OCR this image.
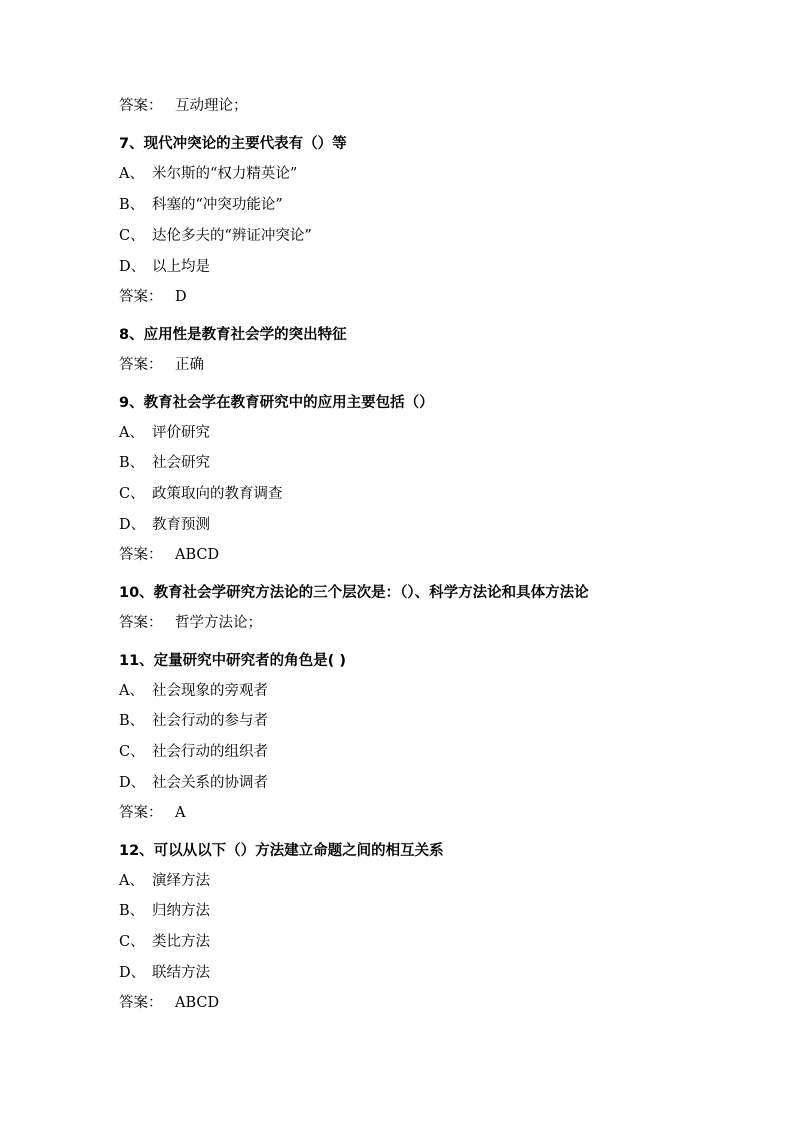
答案： 互动理论；
7、现代冲突论的主要代表有（）等
A、 米尔斯的“权力精英论”
B、 科塞的“冲突功能论”
C、 达伦多夫的“辨证冲突论”
D、 以上均是
答案： D
8、应用性是教育社会学的突出特征
答案： 正确
9、教育社会学在教育研究中的应用主要包括（）
A、 评价研究
B、 社会研究
C、 政策取向的教育调查
D、 教育预测
答案： ABCD
10、教育社会学研究方法论的三个层次是：（）、科学方法论和具体方法论
答案： 哲学方法论；
11、定量研究中研究者的角色是( )
A、 社会现象的旁观者
B、 社会行动的参与者
C、 社会行动的组织者
D、 社会关系的协调者
答案： A
12、可以从以下（）方法建立命题之间的相互关系
A、 演绎方法
B、 归纳方法
C、 类比方法
D、 联结方法
答案： ABCD
